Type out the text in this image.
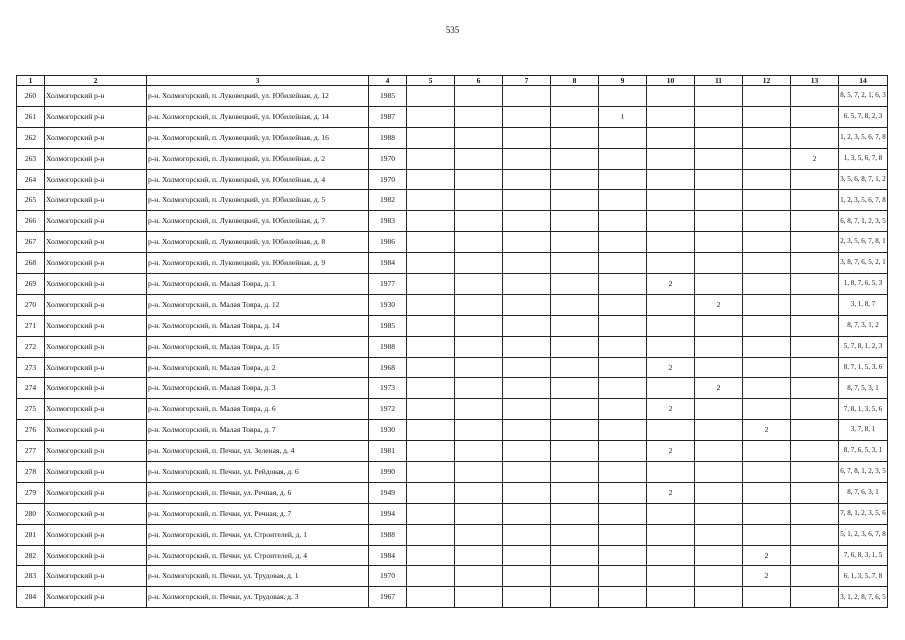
535
1	2	3	4	5	6	7	8	9	10	11	12	13	14
260	Холмогорский р-н	р-н. Холмогорский, п. Луковецкий, ул. Юбилейная, д. 12	1985										8, 5, 7, 2, 1, 6, 3
261	Холмогорский р-н	р-н. Холмогорский, п. Луковецкий, ул. Юбилейная, д. 14	1987					1					6, 5, 7, 8, 2, 3
262	Холмогорский р-н	р-н. Холмогорский, п. Луковецкий, ул. Юбилейная, д. 16	1988										1, 2, 3, 5, 6, 7, 8
263	Холмогорский р-н	р-н. Холмогорский, п. Луковецкий, ул. Юбилейная, д. 2	1970									2	1, 3, 5, 6, 7, 8
264	Холмогорский р-н	р-н. Холмогорский, п. Луковецкий, ул. Юбилейная, д. 4	1970										3, 5, 6, 8, 7, 1, 2
265	Холмогорский р-н	р-н. Холмогорский, п. Луковецкий, ул. Юбилейная, д. 5	1982										1, 2, 3, 5, 6, 7, 8
266	Холмогорский р-н	р-н. Холмогорский, п. Луковецкий, ул. Юбилейная, д. 7	1983										6, 8, 7, 1, 2, 3, 5
267	Холмогорский р-н	р-н. Холмогорский, п. Луковецкий, ул. Юбилейная, д. 8	1986										2, 3, 5, 6, 7, 8, 1
268	Холмогорский р-н	р-н. Холмогорский, п. Луковецкий, ул. Юбилейная, д. 9	1984										3, 8, 7, 6, 5, 2, 1
269	Холмогорский р-н	р-н. Холмогорский, п. Малая Товра, д. 1	1977						2				1, 8, 7, 6, 5, 3
270	Холмогорский р-н	р-н. Холмогорский, п. Малая Товра, д. 12	1930							2			3, 1, 8, 7
271	Холмогорский р-н	р-н. Холмогорский, п. Малая Товра, д. 14	1985										8, 7, 3, 1, 2
272	Холмогорский р-н	р-н. Холмогорский, п. Малая Товра, д. 15	1988										5, 7, 8, 1, 2, 3
273	Холмогорский р-н	р-н. Холмогорский, п. Малая Товра, д. 2	1968						2				8, 7, 1, 5, 3, 6
274	Холмогорский р-н	р-н. Холмогорский, п. Малая Товра, д. 3	1973							2			8, 7, 5, 3, 1
275	Холмогорский р-н	р-н. Холмогорский, п. Малая Товра, д. 6	1972						2				7, 8, 1, 3, 5, 6
276	Холмогорский р-н	р-н. Холмогорский, п. Малая Товра, д. 7	1930								2		3, 7, 8, 1
277	Холмогорский р-н	р-н. Холмогорский, п. Печки, ул. Зеленая, д. 4	1981						2				8, 7, 6, 5, 3, 1
278	Холмогорский р-н	р-н. Холмогорский, п. Печки, ул. Рейдовая, д. 6	1990										6, 7, 8, 1, 2, 3, 5
279	Холмогорский р-н	р-н. Холмогорский, п. Печки, ул. Речная, д. 6	1949						2				8, 7, 6, 3, 1
280	Холмогорский р-н	р-н. Холмогорский, п. Печки, ул. Речная, д. 7	1994										7, 8, 1, 2, 3, 5, 6
281	Холмогорский р-н	р-н. Холмогорский, п. Печки, ул. Строителей, д. 1	1988										5, 1, 2, 3, 6, 7, 8
282	Холмогорский р-н	р-н. Холмогорский, п. Печки, ул. Строителей, д. 4	1984								2		7, 6, 8, 3, 1, 5
283	Холмогорский р-н	р-н. Холмогорский, п. Печки, ул. Трудовая, д. 1	1970								2		6, 1, 3, 5, 7, 8
284	Холмогорский р-н	р-н. Холмогорский, п. Печки, ул. Трудовая, д. 3	1967										3, 1, 2, 8, 7, 6, 5
